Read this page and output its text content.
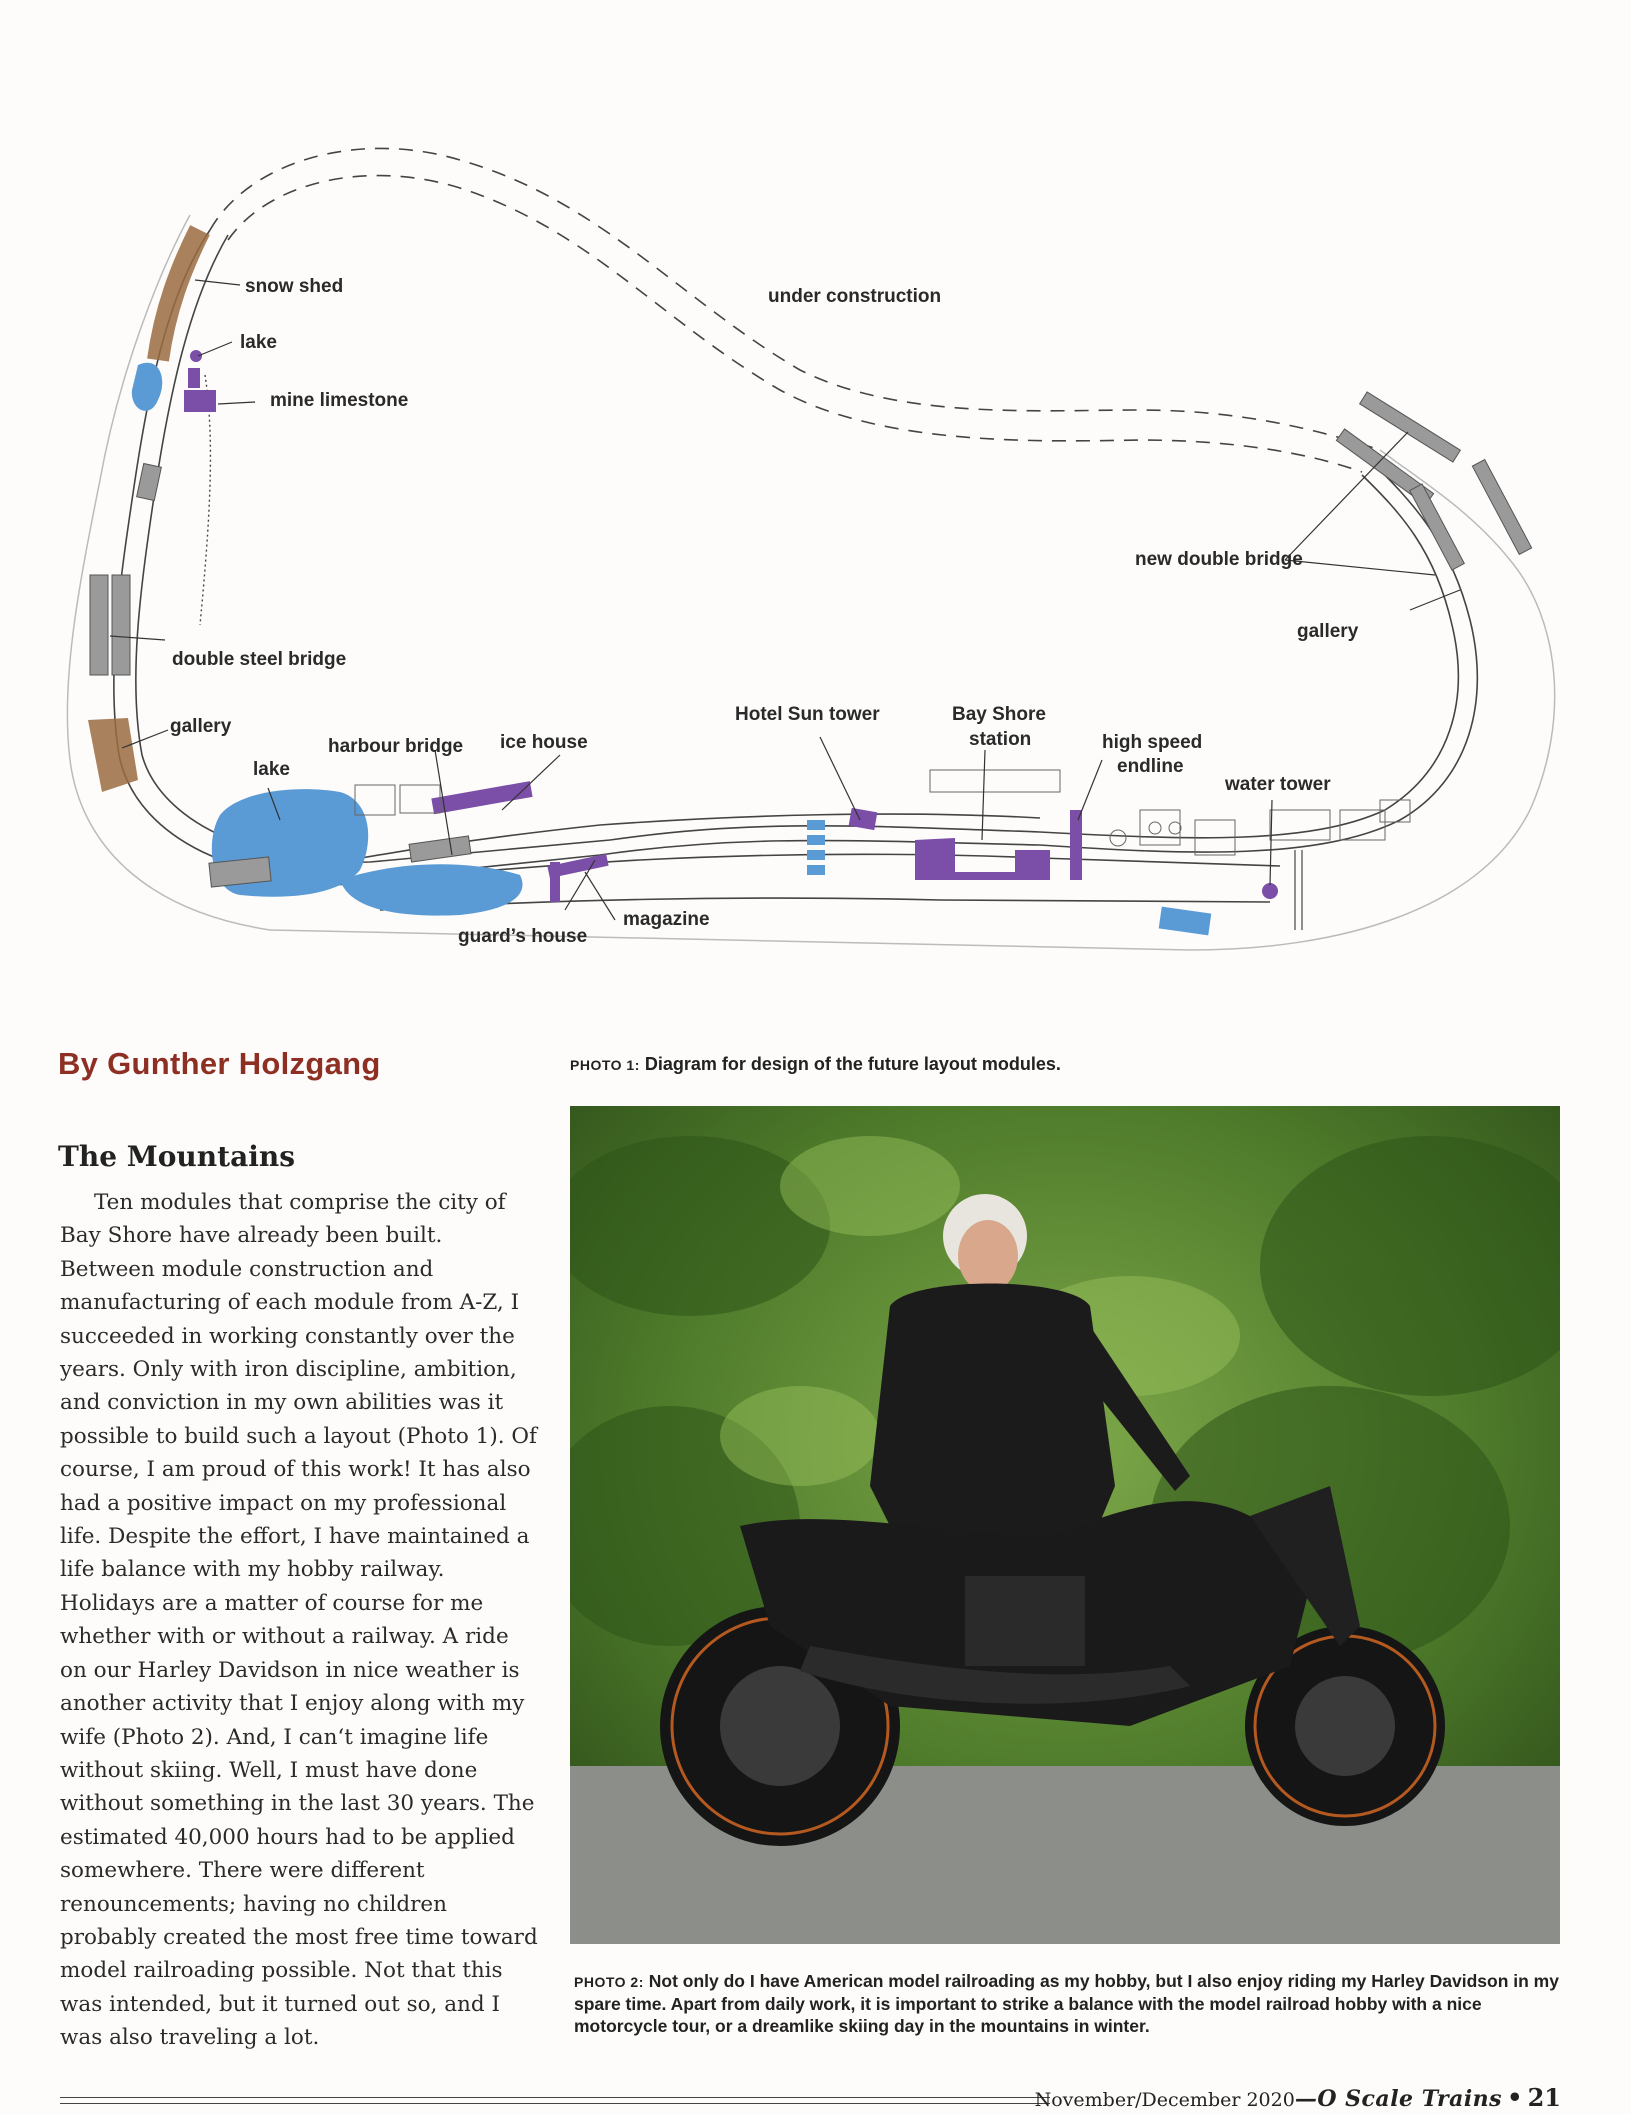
snow shed
lake
mine limestone
under construction
new double bridge
gallery
double steel bridge
gallery
harbour bridge ice house
lake
Hotel Sun tower	Bay Shore
station	high speed
endline
water tower
guard’s house
magazine
By Gunther Holzgang	PHOTO 1: Diagram for design of the future layout modules.
The Mountains

Ten modules that comprise the city of Bay Shore have already been built. Between module construction and manufacturing of each module from A-Z, I succeeded in working constantly over the years. Only with iron discipline, ambition, and conviction in my own abilities was it possible to build such a layout (Photo 1). Of course, I am proud of this work! It has also had a positive impact on my professional life. Despite the effort, I have maintained a life balance with my hobby railway. Holidays are a matter of course for me whether with or without a railway. A ride on our Harley Davidson in nice weather is another activity that I enjoy along with my wife (Photo 2). And, I can‘t imagine life without skiing. Well, I must have done without something in the last 30 years. The estimated 40,000 hours had to be applied somewhere. There were different renouncements; having no children probably created the most free time toward model railroading possible. Not that this was intended, but it turned out so, and I was also traveling a lot.

PHOTO 2: Not only do I have American model railroading as my hobby, but I also enjoy riding my Harley Davidson in my spare time. Apart from daily work, it is important to strike a balance with the model railroad hobby with a nice motorcycle tour, or a dreamlike skiing day in the mountains in winter.

November/December 2020—O Scale Trains • 21
